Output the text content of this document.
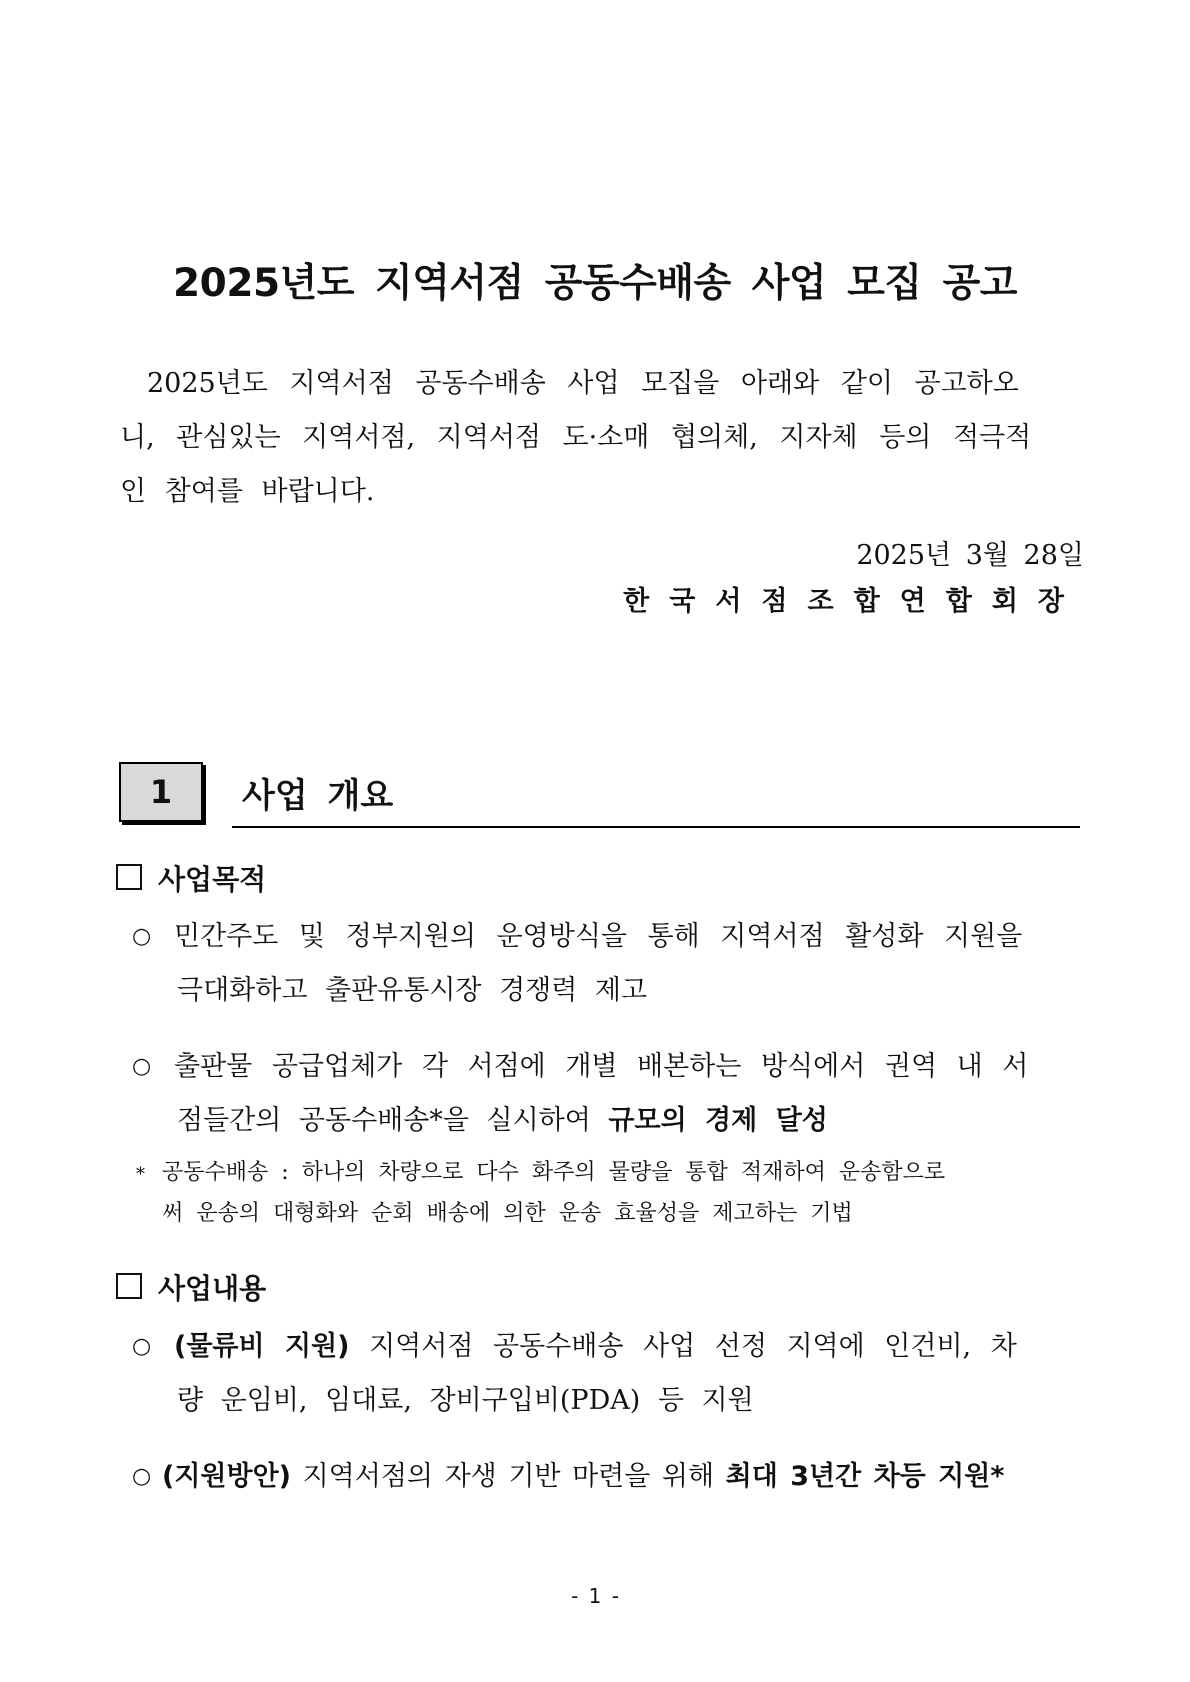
2025년도 지역서점 공동수배송 사업 모집 공고
2025년도 지역서점 공동수배송 사업 모집을 아래와 같이 공고하오
니, 관심있는 지역서점, 지역서점 도·소매 협의체, 지자체 등의 적극적
인 참여를 바랍니다.
2025년 3월 28일
한국서점조합연합회장
1	사업 개요
사업목적
○ 민간주도 및 정부지원의 운영방식을 통해 지역서점 활성화 지원을
극대화하고 출판유통시장 경쟁력 제고
○ 출판물 공급업체가 각 서점에 개별 배본하는 방식에서 권역 내 서
점들간의 공동수배송*을 실시하여 규모의 경제 달성
* 공동수배송 : 하나의 차량으로 다수 화주의 물량을 통합 적재하여 운송함으로
써 운송의 대형화와 순회 배송에 의한 운송 효율성을 제고하는 기법
사업내용
○ (물류비 지원) 지역서점 공동수배송 사업 선정 지역에 인건비, 차
량 운임비, 임대료, 장비구입비(PDA) 등 지원
○ (지원방안) 지역서점의 자생 기반 마련을 위해 최대 3년간 차등 지원*
- 1 -
